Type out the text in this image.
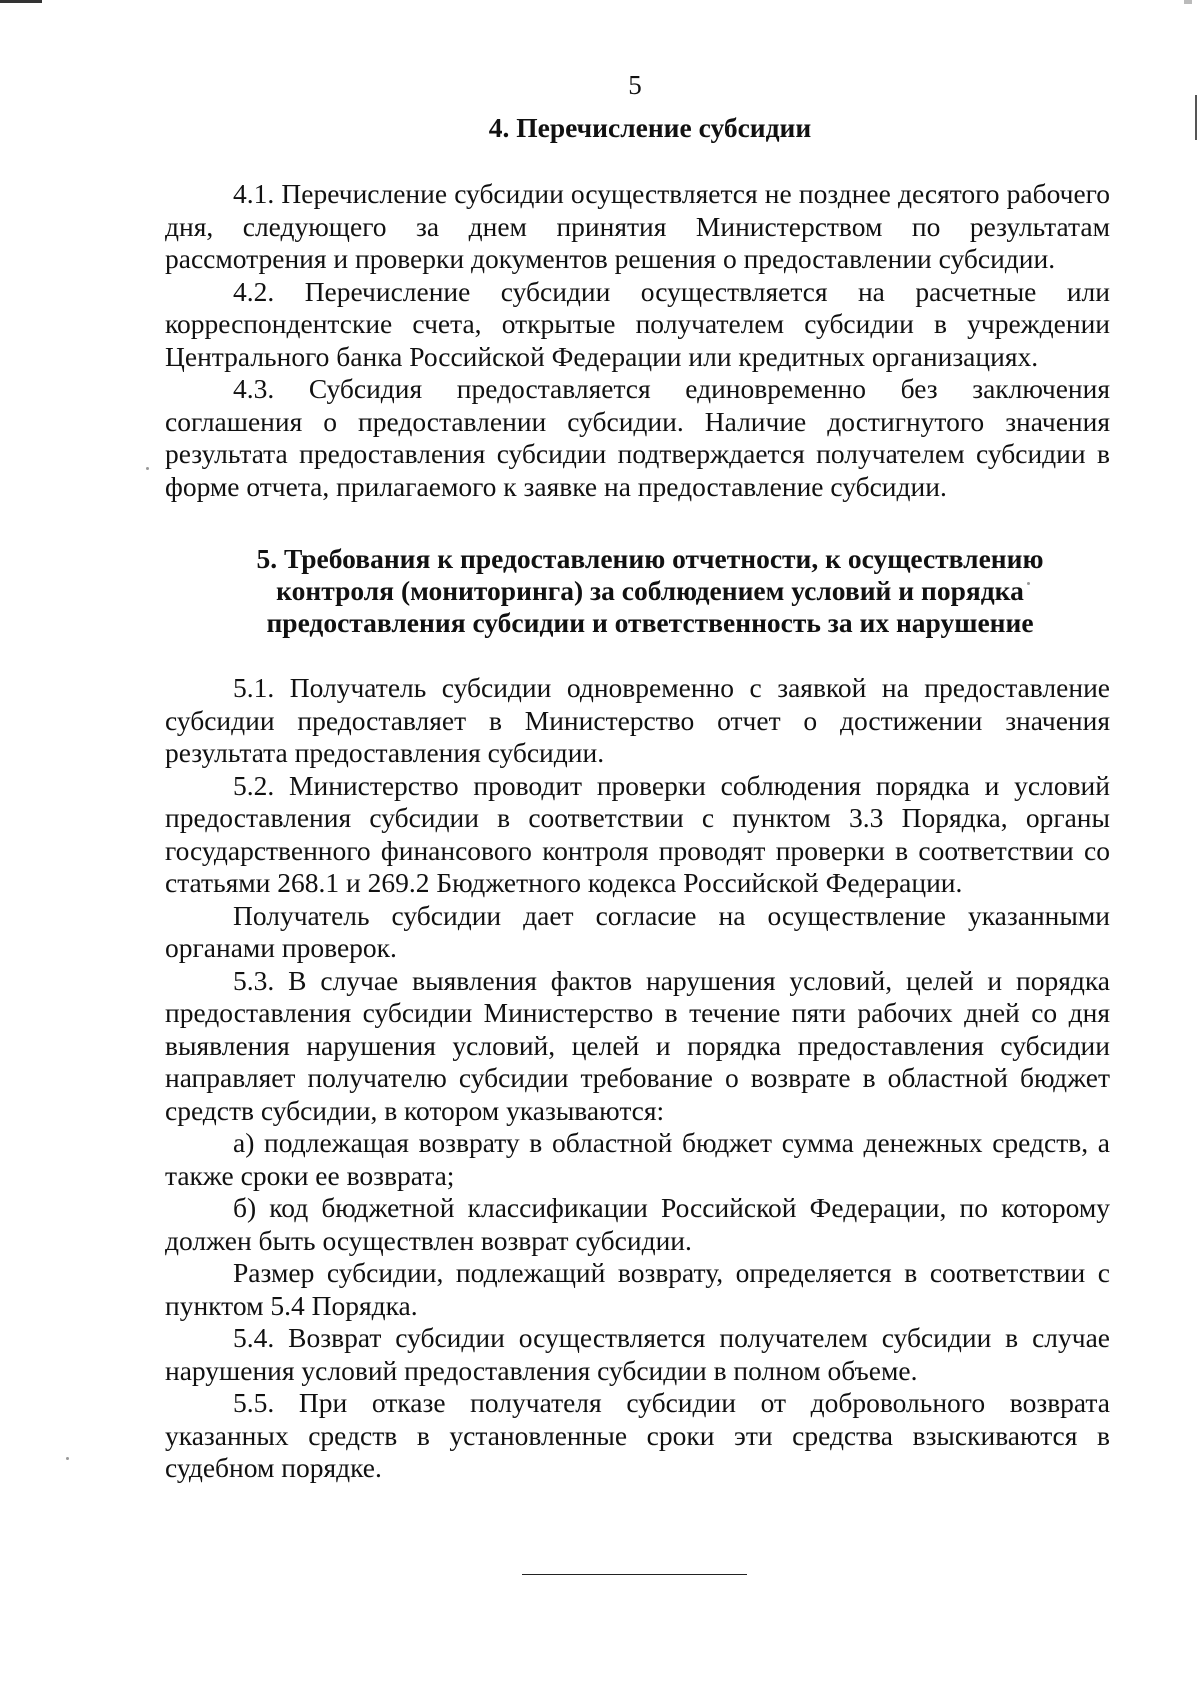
5
4. Перечисление субсидии

4.1. Перечисление субсидии осуществляется не позднее десятого рабочего дня, следующего за днем принятия Министерством по результатам рассмотрения и проверки документов решения о предоставлении субсидии.

4.2. Перечисление субсидии осуществляется на расчетные или корреспондентские счета, открытые получателем субсидии в учреждении Центрального банка Российской Федерации или кредитных организациях.

4.3. Субсидия предоставляется единовременно без заключения соглашения о предоставлении субсидии. Наличие достигнутого значения результата предоставления субсидии подтверждается получателем субсидии в форме отчета, прилагаемого к заявке на предоставление субсидии.

5. Требования к предоставлению отчетности, к осуществлению
контроля (мониторинга) за соблюдением условий и порядка
предоставления субсидии и ответственность за их нарушение

5.1. Получатель субсидии одновременно с заявкой на предоставление субсидии предоставляет в Министерство отчет о достижении значения результата предоставления субсидии.

5.2. Министерство проводит проверки соблюдения порядка и условий предоставления субсидии в соответствии с пунктом 3.3 Порядка, органы государственного финансового контроля проводят проверки в соответствии со статьями 268.1 и 269.2 Бюджетного кодекса Российской Федерации.

Получатель субсидии дает согласие на осуществление указанными органами проверок.

5.3. В случае выявления фактов нарушения условий, целей и порядка предоставления субсидии Министерство в течение пяти рабочих дней со дня выявления нарушения условий, целей и порядка предоставления субсидии направляет получателю субсидии требование о возврате в областной бюджет средств субсидии, в котором указываются:

а) подлежащая возврату в областной бюджет сумма денежных средств, а также сроки ее возврата;

б) код бюджетной классификации Российской Федерации, по которому должен быть осуществлен возврат субсидии.

Размер субсидии, подлежащий возврату, определяется в соответствии с пунктом 5.4 Порядка.

5.4. Возврат субсидии осуществляется получателем субсидии в случае нарушения условий предоставления субсидии в полном объеме.

5.5. При отказе получателя субсидии от добровольного возврата указанных средств в установленные сроки эти средства взыскиваются в судебном порядке.
